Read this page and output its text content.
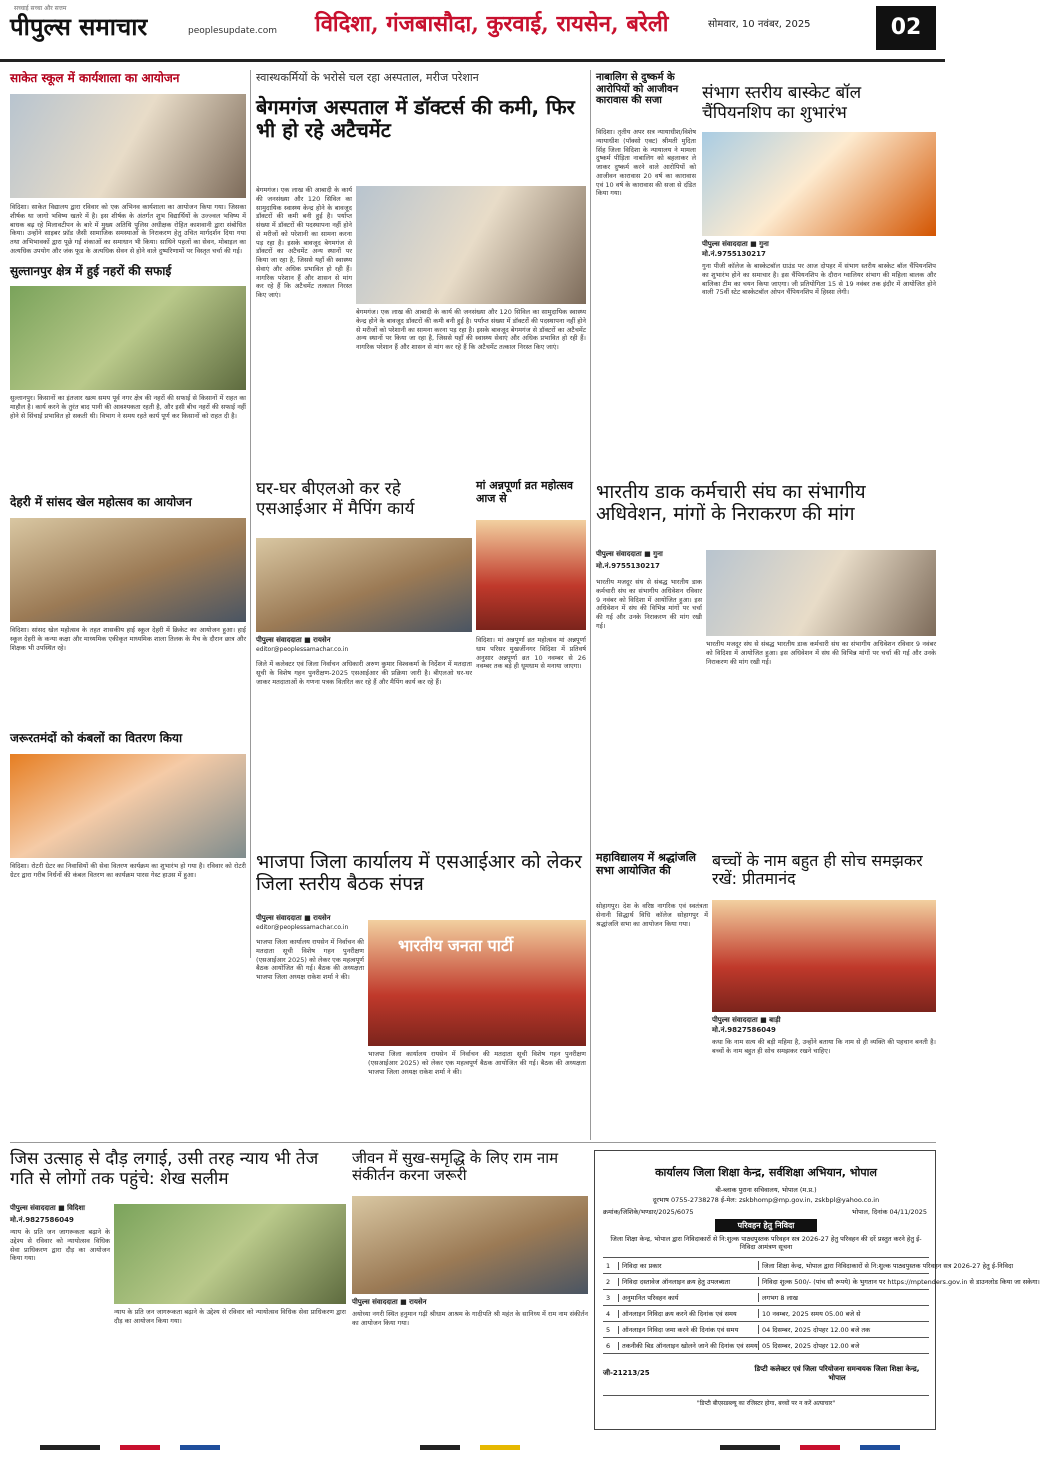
सच्चाई सच्चा और सत्तम
पीपुल्स समाचार	peoplesupdate.com विदिशा, गंजबासौदा, कुरवाई, रायसेन, बरेली	सोमवार, 10 नवंबर, 2025	02
साकेत स्कूल में कार्यशाला का आयोजन
विदिशा। साकेत विद्यालय द्वारा रविवार को एक अभिनव कार्यशाला का आयोजन किया गया। जिसका शीर्षक था जागो भविष्य खतरे में है। इस शीर्षक के अंतर्गत शुभ विद्यार्थियों के उज्ज्वल भविष्य में बाधक बढ़ रहे मिलावटीपन के बारे में मुख्य अतिथि पुलिस अधीक्षक रोहित काशवानी द्वारा संबोधित किया। उन्होंने साइबर फ्रॉड जैसी सामाजिक समस्याओं के निराकरण हेतु उचित मार्गदर्शन दिया गया तथा अभिभावकों द्वारा पूछे गई शंकाओं का समाधान भी किया। साथिने पहलों का सेवन, मोबाइल का अत्यधिक उपयोग और जंक फूड के अत्यधिक सेवन से होने वाले दुष्परिणामों पर विस्तृत चर्चा की गई।
सुल्तानपुर क्षेत्र में हुई नहरों की सफाई
सुल्तानपुर। किसानों का इंतजार खत्म समय पूर्व नगर क्षेत्र की नहरों की सफाई से किसानों में राहत का माहौल है। कार्य करने के तुरंत बाद पानी की आवश्यकता रहती है, और इसी बीच नहरों की सफाई नहीं होने से सिंचाई प्रभावित हो सकती थी। विभाग ने समय रहते कार्य पूर्ण कर किसानों को राहत दी है।
देहरी में सांसद खेल महोत्सव का आयोजन
विदिशा। सांसद खेल महोत्सव के तहत शासकीय हाई स्कूल देहरी में क्रिकेट का आयोजन हुआ। हाई स्कूल देहरी के कन्या कक्षा और माध्यमिक एकीकृत माध्यमिक शाला तिलक के मैच के दौरान छात्र और शिक्षक भी उपस्थित रहे।
जरूरतमंदों को कंबलों का वितरण किया
विदिशा। रोटरी ग्रेटर का निवासियों की सेवा वितरण कार्यक्रम का शुभारंभ हो गया है। रविवार को रोटरी ग्रेटर द्वारा गरीब निर्धनों की कंबल वितरण का कार्यक्रम पारस गेस्ट हाउस में हुआ।
स्वास्थकर्मियों के भरोसे चल रहा अस्पताल, मरीज परेशान
बेगमगंज अस्पताल में डॉक्टर्स की कमी, फिर भी हो रहे अटैचमेंट
बेगमगंज। एक लाख की आबादी के कार्य की जनसंख्या और 120 सिविल का सामुदायिक स्वास्थ्य केन्द्र होने के बावजूद डॉक्टरों की कमी बनी हुई है। पर्याप्त संख्या में डॉक्टरों की पदस्थापना नहीं होने से मरीजों को परेशानी का सामना करना पड़ रहा है। इसके बावजूद बेगमगंज से डॉक्टरों का अटैचमेंट अन्य स्थानों पर किया जा रहा है, जिससे यहाँ की स्वास्थ्य सेवाएं और अधिक प्रभावित हो रही हैं। नागरिक परेशान हैं और शासन से मांग कर रहे हैं कि अटैचमेंट तत्काल निरस्त किए जाएं।
बेगमगंज। एक लाख की आबादी के कार्य की जनसंख्या और 120 सिविल का सामुदायिक स्वास्थ्य केन्द्र होने के बावजूद डॉक्टरों की कमी बनी हुई है। पर्याप्त संख्या में डॉक्टरों की पदस्थापना नहीं होने से मरीजों को परेशानी का सामना करना पड़ रहा है। इसके बावजूद बेगमगंज से डॉक्टरों का अटैचमेंट अन्य स्थानों पर किया जा रहा है, जिससे यहाँ की स्वास्थ्य सेवाएं और अधिक प्रभावित हो रही हैं। नागरिक परेशान हैं और शासन से मांग कर रहे हैं कि अटैचमेंट तत्काल निरस्त किए जाएं।
घर-घर बीएलओ कर रहे एसआईआर में मैपिंग कार्य
पीपुल्स संवाददाता ■ रायसेन
editor@peoplessamachar.co.in
जिले में कलेक्टर एवं जिला निर्वाचन अधिकारी अरुण कुमार विश्वकर्मा के निर्देशन में मतदाता सूची के विशेष गहन पुनरीक्षण-2025 एसआईआर की प्रक्रिया जारी है। बीएलओ घर-घर जाकर मतदाताओं के गणना पत्रक वितरित कर रहे हैं और मैपिंग कार्य कर रहे हैं।
मां अन्नपूर्णा व्रत महोत्सव आज से
विदिशा। मां अन्नपूर्णा व्रत महोत्सव मां अन्नपूर्णा धाम परिसर मुखर्जीनगर विदिशा में प्रतिवर्ष अनुसार अन्नपूर्णा व्रत 10 नवम्बर से 26 नवम्बर तक बड़े ही धूमधाम से मनाया जाएगा।
भाजपा जिला कार्यालय में एसआईआर को लेकर जिला स्तरीय बैठक संपन्न
पीपुल्स संवाददाता ■ रायसेन
editor@peoplessamachar.co.in
भाजपा जिला कार्यालय रायसेन में निर्वाचन की मतदाता सूची विशेष गहन पुनरीक्षण (एसआईआर 2025) को लेकर एक महत्वपूर्ण बैठक आयोजित की गई। बैठक की अध्यक्षता भाजपा जिला अध्यक्ष राकेश शर्मा ने की।
भारतीय जनता पार्टी
भाजपा जिला कार्यालय रायसेन में निर्वाचन की मतदाता सूची विशेष गहन पुनरीक्षण (एसआईआर 2025) को लेकर एक महत्वपूर्ण बैठक आयोजित की गई। बैठक की अध्यक्षता भाजपा जिला अध्यक्ष राकेश शर्मा ने की।
नाबालिग से दुष्कर्म के आरोपियों को आजीवन कारावास की सजा
विदिशा। तृतीय अपर सत्र न्यायाधीश/विशेष न्यायाधीश (पॉक्सो एक्ट) श्रीमती मुदिता सिंह जिला विदिशा के न्यायालय ने मामला दुष्कर्म पीड़िता नाबालिग को बहलाकर ले जाकर दुष्कर्म करने वाले आरोपियों को आजीवन कारावास 20 वर्ष का कारावास एवं 10 वर्ष के कारावास की सजा से दंडित किया गया।
संभाग स्तरीय बास्केट बॉल चैंपियनशिप का शुभारंभ
पीपुल्स संवाददाता ■ गुना
मो.नं.9755130217
गुना पीजी कॉलेज के बास्केटबॉल ग्राउंड पर आज दोपहर में संभाग स्तरीय बास्केट बॉल चैंपियनशिप का शुभारंभ होने का समाचार है। इस चैंपियनशिप के दौरान ग्वालियर संभाग की महिला बालक और बालिका टीम का चयन किया जाएगा। जी प्रतियोगिता 15 से 19 नवंबर तक इंदौर में आयोजित होने वाली 75वीं स्टेट बास्केटबॉल ओपन चैंपियनशिप में हिस्सा लेगी।
भारतीय डाक कर्मचारी संघ का संभागीय अधिवेशन, मांगों के निराकरण की मांग
पीपुल्स संवाददाता ■ गुना
मो.नं.9755130217
भारतीय मजदूर संघ से संबद्ध भारतीय डाक कर्मचारी संघ का संभागीय अधिवेशन रविवार 9 नवंबर को विदिशा में आयोजित हुआ। इस अधिवेशन में संघ की विभिन्न मांगों पर चर्चा की गई और उनके निराकरण की मांग रखी गई।
भारतीय मजदूर संघ से संबद्ध भारतीय डाक कर्मचारी संघ का संभागीय अधिवेशन रविवार 9 नवंबर को विदिशा में आयोजित हुआ। इस अधिवेशन में संघ की विभिन्न मांगों पर चर्चा की गई और उनके निराकरण की मांग रखी गई।
महाविद्यालय में श्रद्धांजलि सभा आयोजित की
सोहागपुर। देश के वरिष्ठ नागरिक एवं स्वतंत्रता सेनानी सिद्धार्थ विधि कॉलेज सोहागपुर में श्रद्धांजलि सभा का आयोजन किया गया।
बच्चों के नाम बहुत ही सोच समझकर रखें: प्रीतमानंद
पीपुल्स संवाददाता ■ बाड़ी
मो.नं.9827586049
कथा कि नाम सत्य की बड़ी महिमा है, उन्होंने बताया कि नाम से ही व्यक्ति की पहचान बनती है। बच्चों के नाम बहुत ही सोच समझकर रखने चाहिए।
जिस उत्साह से दौड़ लगाई, उसी तरह न्याय भी तेज गति से लोगों तक पहुंचे: शेख सलीम
पीपुल्स संवाददाता ■ विदिशा
मो.नं.9827586049
न्याय के प्रति जन जागरूकता बढ़ाने के उद्देश्य से रविवार को न्यायोत्सव विधिक सेवा प्राधिकरण द्वारा दौड़ का आयोजन किया गया।
न्याय के प्रति जन जागरूकता बढ़ाने के उद्देश्य से रविवार को न्यायोत्सव विधिक सेवा प्राधिकरण द्वारा दौड़ का आयोजन किया गया।
जीवन में सुख-समृद्धि के लिए राम नाम संकीर्तन करना जरूरी
पीपुल्स संवाददाता ■ रायसेन
अयोध्या नगरी स्थित हनुमान गढ़ी श्रीधाम आश्रम के गादीपति श्री महंत के सानिध्य में राम नाम संकीर्तन का आयोजन किया गया।
कार्यालय जिला शिक्षा केन्द्र, सर्वशिक्षा अभियान, भोपाल
बी-ब्लाक पुराना सचिवालय, भोपाल (म.प्र.)
दूरभाष 0755-2738278 ई-मेल: zskbhomp@mp.gov.in, zskbpl@yahoo.co.in
क्रमांक/जिशिके/भण्डार/2025/6075	भोपाल, दिनांक 04/11/2025
परिवहन हेतु निविदा
जिला शिक्षा केन्द्र, भोपाल द्वारा निविदाकारों से नि:शुल्क पाठ्यपुस्तक परिवहन सत्र 2026-27 हेतु परिवहन की दरें प्रस्तुत करने हेतु ई-निविदा आमंत्रण सूचना
1	निविदा का प्रकार	जिला शिक्षा केन्द्र, भोपाल द्वारा निविदाकारों से नि:शुल्क पाठ्यपुस्तक परिवहन सत्र 2026-27 हेतु ई-निविदा
2	निविदा दस्तावेज ऑनलाइन क्रय हेतु उपलब्धता	निविदा शुल्क 500/- (पांच सौ रूपये) के भुगतान पर https://mptenders.gov.in से डाउनलोड किया जा सकेगा।
3	अनुमानित परिवहन कार्य	लगभग 8 लाख
4	ऑनलाइन निविदा क्रय करने की दिनांक एवं समय	10 नवम्बर, 2025 समय 05.00 बजे से
5	ऑनलाइन निविदा जमा करने की दिनांक एवं समय	04 दिसम्बर, 2025 दोपहर 12.00 बजे तक
6	तकनीकी बिड ऑनलाइन खोलने जाने की दिनांक एवं समय 05 दिसम्बर, 2025 दोपहर 12.00 बजे
जी-21213/25	डिप्टी कलेक्टर एवं जिला परियोजना समन्वयक जिला शिक्षा केन्द्र, भोपाल
"डिप्टी बीएसडब्ल्यू का रजिस्टर होगा, बच्चों पर न करें अत्याचार"
